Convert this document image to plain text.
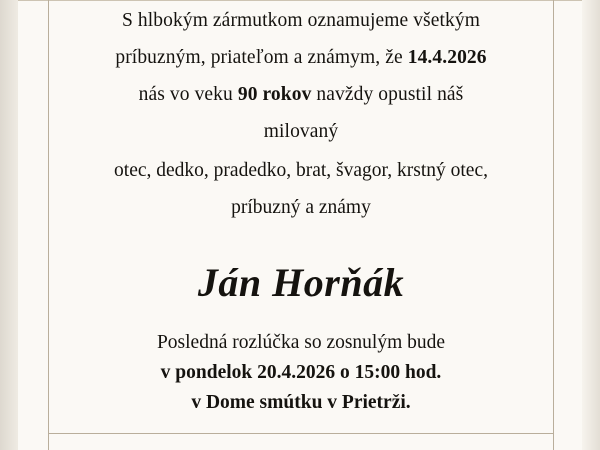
S hlbokým zármutkom oznamujeme všetkým
príbuzným, priateľom a známym, že 14.4.2026
nás vo veku 90 rokov navždy opustil náš
milovaný
otec, dedko, pradedko, brat, švagor, krstný otec,
príbuzný a známy
Ján Horňák
Posledná rozlúčka so zosnulým bude
v pondelok 20.4.2026 o 15:00 hod.
v Dome smútku v Prietrži.
